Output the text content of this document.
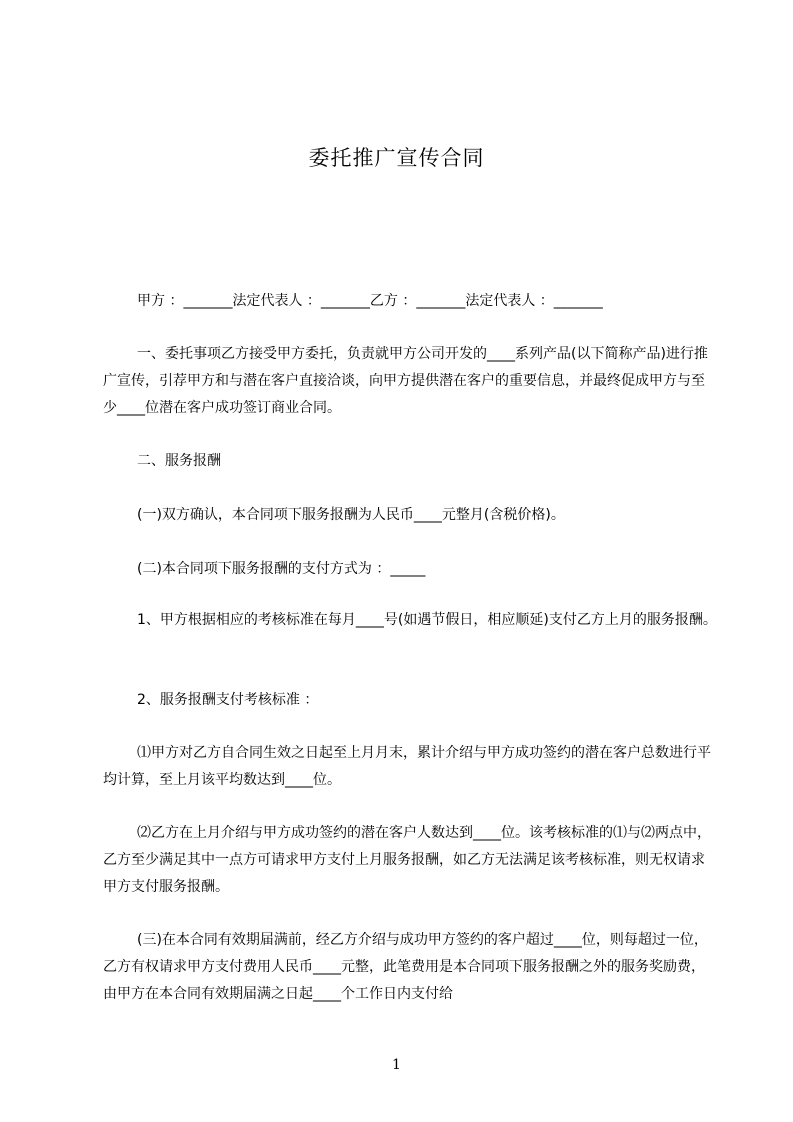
委托推广宣传合同
甲方 ：_______法定代表人 ：_______乙方 ：_______法定代表人 ：_______
一、委托事项乙方接受甲方委托，负责就甲方公司开发的____系列产品(以下简称产品)进行推广宣传，引荐甲方和与潜在客户直接洽谈，向甲方提供潜在客户的重要信息，并最终促成甲方与至少____位潜在客户成功签订商业合同。
二、服务报酬
(一)双方确认，本合同项下服务报酬为人民币____元整月(含税价格)。
(二)本合同项下服务报酬的支付方式为 ：_____
1、甲方根据相应的考核标准在每月____号(如遇节假日，相应顺延)支付乙方上月的服务报酬。
2、服务报酬支付考核标准 ：
⑴甲方对乙方自合同生效之日起至上月月末，累计介绍与甲方成功签约的潜在客户总数进行平均计算，至上月该平均数达到____位。
⑵乙方在上月介绍与甲方成功签约的潜在客户人数达到____位。该考核标准的⑴与⑵两点中，乙方至少满足其中一点方可请求甲方支付上月服务报酬，如乙方无法满足该考核标准，则无权请求甲方支付服务报酬。
(三)在本合同有效期届满前，经乙方介绍与成功甲方签约的客户超过____位，则每超过一位，乙方有权请求甲方支付费用人民币____元整，此笔费用是本合同项下服务报酬之外的服务奖励费，由甲方在本合同有效期届满之日起____个工作日内支付给
1
